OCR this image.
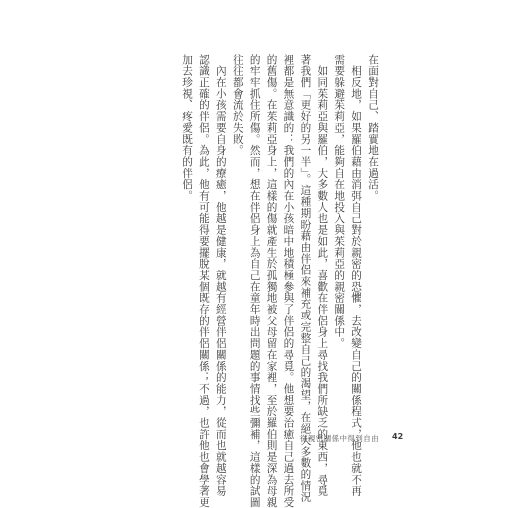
在面對自己、踏實地在過活。

　相反地，如果羅伯藉由消弭自己對於親密的恐懼，去改變自己的關係程式，他也就不再

需要躲避茱莉亞，能夠自在地投入與茱莉亞的親密關係中。

　如同茱莉亞與羅伯，大多數人也是如此，喜歡在伴侶身上尋找我們所缺乏的東西，尋覓

著我們「更好的另一半」。這種期盼藉由伴侶來補充或完整自己的渴望，在絕大多數的情況

裡都是無意識的：我們的內在小孩暗中地積極參與了伴侶的尋覓。他想要治癒自己過去所受

的舊傷。在茱莉亞身上，這樣的傷就產生於孤獨地被父母留在家裡，至於羅伯則是深為母親

的牢牢抓住所傷。然而，想在伴侶身上為自己在童年時出問題的事情找些彌補，這樣的試圖

往往都會流於失敗。

　內在小孩需要自身的療癒，他越是健康，就越有經營伴侶關係的能力，從而也就越容易

認識正確的伴侶。為此，他有可能得要擺脫某個既存的伴侶關係；不過，也許他也會學著更

加去珍視、疼愛既有的伴侶。

從親密關係中得到自由 42
